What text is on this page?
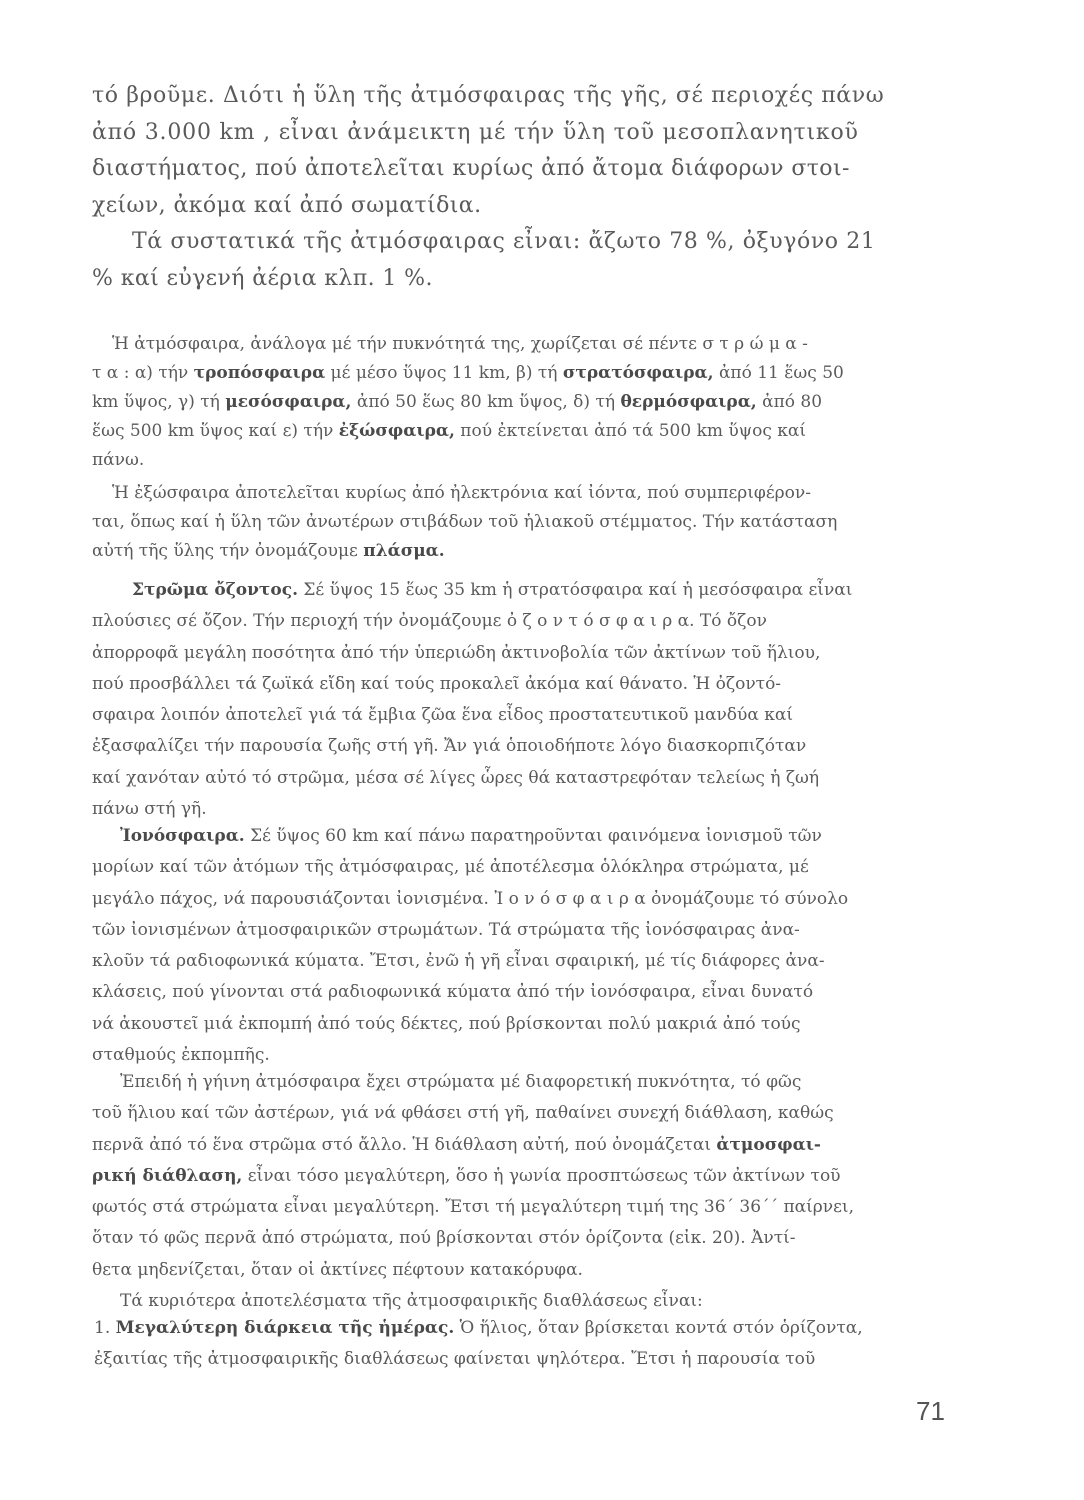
τό βροῦμε. Διότι ἡ ὕλη τῆς ἀτμόσφαιρας τῆς γῆς, σέ περιοχές πάνω
ἀπό 3.000 km , εἶναι ἀνάμεικτη μέ τήν ὕλη τοῦ μεσοπλανητικοῦ
διαστήματος, πού ἀποτελεῖται κυρίως ἀπό ἄτομα διάφορων στοι-
χείων, ἀκόμα καί ἀπό σωματίδια.
Τά συστατικά τῆς ἀτμόσφαιρας εἶναι: ἄζωτο 78 %, ὀξυγόνο 21
% καί εὐγενή ἀέρια κλπ. 1 %.
Ἡ ἀτμόσφαιρα, ἀνάλογα μέ τήν πυκνότητά της, χωρίζεται σέ πέντε σ τ ρ ώ μ α -
τ α : α) τήν τροπόσφαιρα μέ μέσο ὕψος 11 km, β) τή στρατόσφαιρα, ἀπό 11 ἕως 50
km ὕψος, γ) τή μεσόσφαιρα, ἀπό 50 ἕως 80 km ὕψος, δ) τή θερμόσφαιρα, ἀπό 80
ἕως 500 km ὕψος καί ε) τήν ἐξώσφαιρα, πού ἐκτείνεται ἀπό τά 500 km ὕψος καί
πάνω.
Ἡ ἐξώσφαιρα ἀποτελεῖται κυρίως ἀπό ἠλεκτρόνια καί ἰόντα, πού συμπεριφέρον-
ται, ὅπως καί ἡ ὕλη τῶν ἀνωτέρων στιβάδων τοῦ ἡλιακοῦ στέμματος. Τήν κατάσταση
αὐτή τῆς ὕλης τήν ὀνομάζουμε πλάσμα.
Στρῶμα ὄζοντος. Σέ ὕψος 15 ἕως 35 km ἡ στρατόσφαιρα καί ἡ μεσόσφαιρα εἶναι
πλούσιες σέ ὄζον. Τήν περιοχή τήν ὀνομάζουμε ὀ ζ ο ν τ ό σ φ α ι ρ α. Τό ὄζον
ἀπορροφᾶ μεγάλη ποσότητα ἀπό τήν ὑπεριώδη ἀκτινοβολία τῶν ἀκτίνων τοῦ ἥλιου,
πού προσβάλλει τά ζωϊκά εἴδη καί τούς προκαλεῖ ἀκόμα καί θάνατο. Ἡ ὀζοντό-
σφαιρα λοιπόν ἀποτελεῖ γιά τά ἔμβια ζῶα ἕνα εἶδος προστατευτικοῦ μανδύα καί
ἐξασφαλίζει τήν παρουσία ζωῆς στή γῆ. Ἄν γιά ὁποιοδήποτε λόγο διασκορπιζόταν
καί χανόταν αὐτό τό στρῶμα, μέσα σέ λίγες ὧρες θά καταστρεφόταν τελείως ἡ ζωή
πάνω στή γῆ.
Ἰονόσφαιρα. Σέ ὕψος 60 km καί πάνω παρατηροῦνται φαινόμενα ἰονισμοῦ τῶν
μορίων καί τῶν ἀτόμων τῆς ἀτμόσφαιρας, μέ ἀποτέλεσμα ὁλόκληρα στρώματα, μέ
μεγάλο πάχος, νά παρουσιάζονται ἰονισμένα. Ἰ ο ν ό σ φ α ι ρ α ὀνομάζουμε τό σύνολο
τῶν ἰονισμένων ἀτμοσφαιρικῶν στρωμάτων. Τά στρώματα τῆς ἰονόσφαιρας ἀνα-
κλοῦν τά ραδιοφωνικά κύματα. Ἔτσι, ἐνῶ ἡ γῆ εἶναι σφαιρική, μέ τίς διάφορες ἀνα-
κλάσεις, πού γίνονται στά ραδιοφωνικά κύματα ἀπό τήν ἰονόσφαιρα, εἶναι δυνατό
νά ἀκουστεῖ μιά ἐκπομπή ἀπό τούς δέκτες, πού βρίσκονται πολύ μακριά ἀπό τούς
σταθμούς ἐκπομπῆς.
Ἐπειδή ἡ γήινη ἀτμόσφαιρα ἔχει στρώματα μέ διαφορετική πυκνότητα, τό φῶς
τοῦ ἥλιου καί τῶν ἀστέρων, γιά νά φθάσει στή γῆ, παθαίνει συνεχή διάθλαση, καθώς
περνᾶ ἀπό τό ἕνα στρῶμα στό ἄλλο. Ἡ διάθλαση αὐτή, πού ὀνομάζεται ἀτμοσφαι-
ρική διάθλαση, εἶναι τόσο μεγαλύτερη, ὅσο ἡ γωνία προσπτώσεως τῶν ἀκτίνων τοῦ
φωτός στά στρώματα εἶναι μεγαλύτερη. Ἔτσι τή μεγαλύτερη τιμή της 36΄ 36΄΄ παίρνει,
ὅταν τό φῶς περνᾶ ἀπό στρώματα, πού βρίσκονται στόν ὁρίζοντα (εἰκ. 20). Ἀντί-
θετα μηδενίζεται, ὅταν οἱ ἀκτίνες πέφτουν κατακόρυφα.
Τά κυριότερα ἀποτελέσματα τῆς ἀτμοσφαιρικῆς διαθλάσεως εἶναι:
1. Μεγαλύτερη διάρκεια τῆς ἡμέρας. Ὁ ἥλιος, ὅταν βρίσκεται κοντά στόν ὁρίζοντα,
ἐξαιτίας τῆς ἀτμοσφαιρικῆς διαθλάσεως φαίνεται ψηλότερα. Ἔτσι ἡ παρουσία τοῦ
71
